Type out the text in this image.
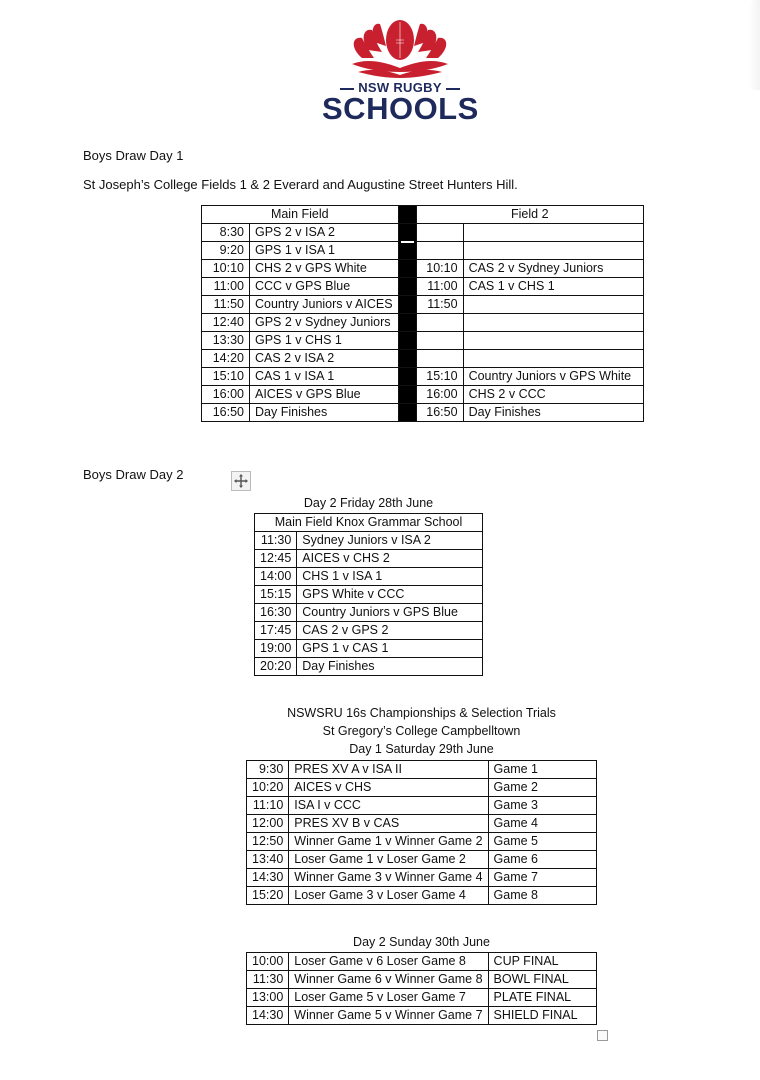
NSW RUGBY
SCHOOLS
Boys Draw Day 1
St Joseph’s College Fields 1 & 2 Everard and Augustine Street Hunters Hill.
Main Field			Field 2	
8:30	GPS 2 v ISA 2	

9:20	GPS 1 v ISA 1			
10:10	CHS 2 v GPS White		10:10	CAS 2 v Sydney Juniors
11:00	CCC v GPS Blue		11:00	CAS 1 v CHS 1
11:50	Country Juniors v AICES		11:50	
12:40	GPS 2 v Sydney Juniors			
13:30	GPS 1 v CHS 1			
14:20	CAS 2 v ISA 2			
15:10	CAS 1 v ISA 1		15:10	Country Juniors v GPS White
16:00	AICES v GPS Blue		16:00	CHS 2 v CCC
16:50	Day Finishes		16:50	Day Finishes
Boys Draw Day 2
Day 2 Friday 28th June
Main Field Knox Grammar School	
11:30	Sydney Juniors v ISA 2
12:45	AICES v CHS 2
14:00	CHS 1 v ISA 1
15:15	GPS White v CCC
16:30	Country Juniors v GPS Blue
17:45	CAS 2 v GPS 2
19:00	GPS 1 v CAS 1
20:20	Day Finishes
NSWSRU 16s Championships & Selection Trials
St Gregory’s College Campbelltown
Day 1 Saturday 29th June
9:30	PRES XV A v ISA II	Game 1
10:20	AICES v CHS	Game 2
11:10	ISA I v CCC	Game 3
12:00	PRES XV B v CAS	Game 4
12:50	Winner Game 1 v Winner Game 2	Game 5
13:40	Loser Game 1 v Loser Game 2	Game 6
14:30	Winner Game 3 v Winner Game 4	Game 7
15:20	Loser Game 3 v Loser Game 4	Game 8
Day 2 Sunday 30th June
10:00	Loser Game v 6 Loser Game 8	CUP FINAL
11:30	Winner Game 6 v Winner Game 8	BOWL FINAL
13:00	Loser Game 5 v Loser Game 7	PLATE FINAL
14:30	Winner Game 5 v Winner Game 7	SHIELD FINAL
